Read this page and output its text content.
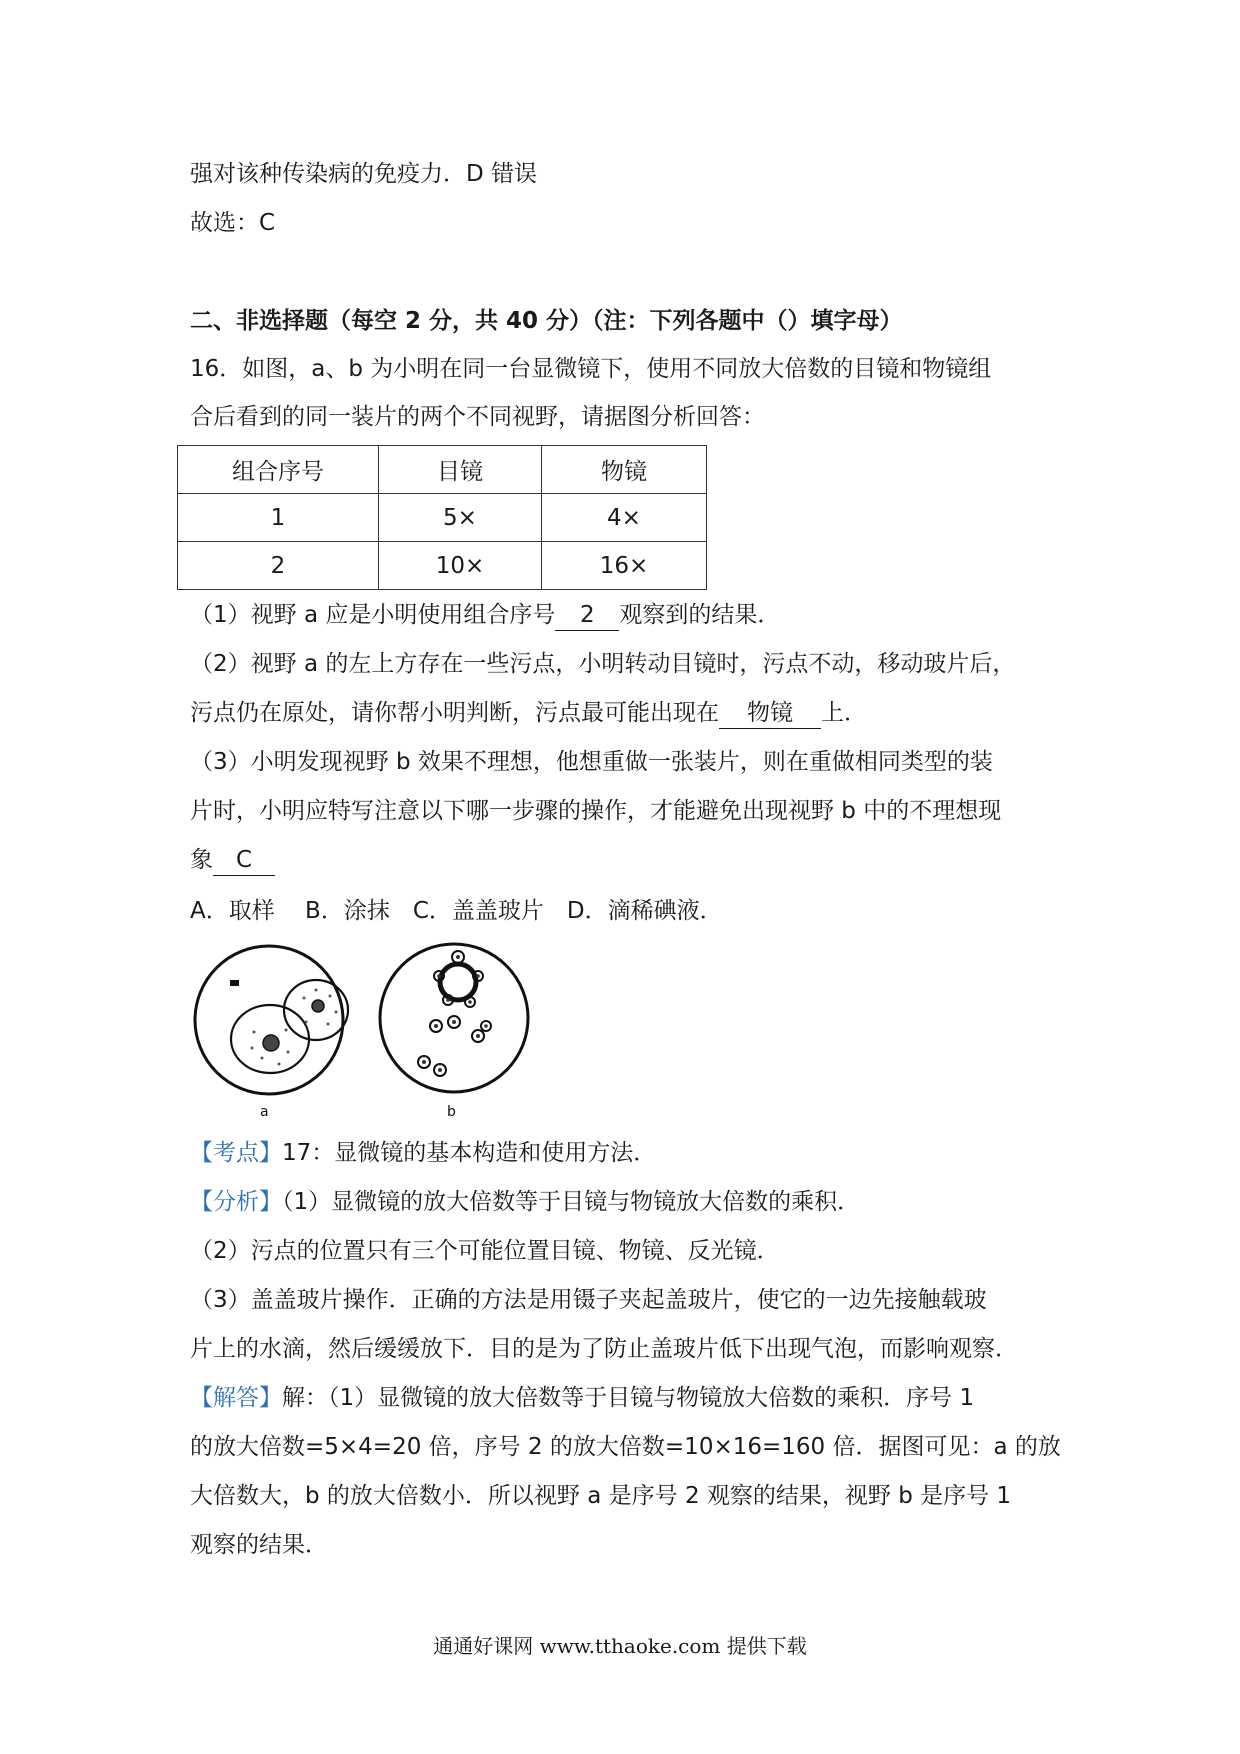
强对该种传染病的免疫力．D 错误
故选：C
二、非选择题（每空 2 分，共 40 分）（注：下列各题中（）填字母）
16．如图，a、b 为小明在同一台显微镜下，使用不同放大倍数的目镜和物镜组
合后看到的同一装片的两个不同视野，请据图分析回答：
组合序号	目镜	物镜
1	5×	4×
2	10×	16×
（1）视野 a 应是小明使用组合序号 2 观察到的结果．
（2）视野 a 的左上方存在一些污点，小明转动目镜时，污点不动，移动玻片后，
污点仍在原处，请你帮小明判断，污点最可能出现在 物镜 上．
（3）小明发现视野 b 效果不理想，他想重做一张装片，则在重做相同类型的装
片时，小明应特写注意以下哪一步骤的操作，才能避免出现视野 b 中的不理想现
象 C
A．取样　 B．涂抹　C．盖盖玻片　D．滴稀碘液．
a	b
【考点】17：显微镜的基本构造和使用方法．
【分析】（1）显微镜的放大倍数等于目镜与物镜放大倍数的乘积．
（2）污点的位置只有三个可能位置目镜、物镜、反光镜．
（3）盖盖玻片操作．正确的方法是用镊子夹起盖玻片，使它的一边先接触载玻
片上的水滴，然后缓缓放下．目的是为了防止盖玻片低下出现气泡，而影响观察．
【解答】解：（1）显微镜的放大倍数等于目镜与物镜放大倍数的乘积．序号 1
的放大倍数=5×4=20 倍，序号 2 的放大倍数=10×16=160 倍．据图可见：a 的放
大倍数大，b 的放大倍数小．所以视野 a 是序号 2 观察的结果，视野 b 是序号 1
观察的结果．
通通好课网 www.tthaoke.com 提供下载
